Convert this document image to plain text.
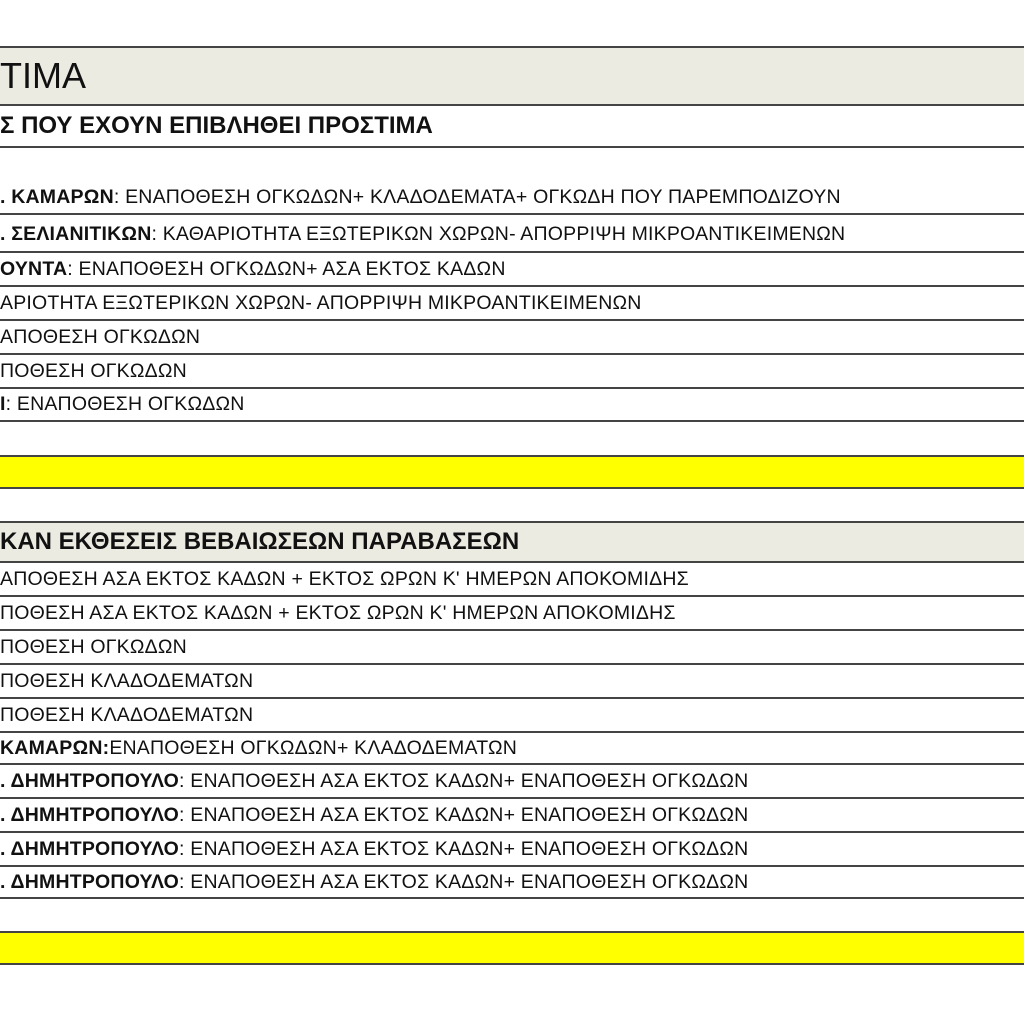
ΤΙΜΑ
Σ ΠΟΥ ΕΧΟΥΝ ΕΠΙΒΛΗΘΕΙ ΠΡΟΣΤΙΜΑ
. ΚΑΜΑΡΩΝ : ΕΝΑΠΟΘΕΣΗ ΟΓΚΩΔΩΝ+ ΚΛΑΔΟΔΕΜΑΤΑ+ ΟΓΚΩΔΗ ΠΟΥ ΠΑΡΕΜΠΟΔΙΖΟΥΝ
. ΣΕΛΙΑΝΙΤΙΚΩΝ : ΚΑΘΑΡΙΟΤΗΤΑ ΕΞΩΤΕΡΙΚΩΝ ΧΩΡΩΝ- ΑΠΟΡΡΙΨΗ ΜΙΚΡΟΑΝΤΙΚΕΙΜΕΝΩΝ
ΟΥΝΤΑ : ΕΝΑΠΟΘΕΣΗ ΟΓΚΩΔΩΝ+ ΑΣΑ ΕΚΤΟΣ ΚΑΔΩΝ
ΑΡΙΟΤΗΤΑ ΕΞΩΤΕΡΙΚΩΝ ΧΩΡΩΝ- ΑΠΟΡΡΙΨΗ ΜΙΚΡΟΑΝΤΙΚΕΙΜΕΝΩΝ
ΑΠΟΘΕΣΗ ΟΓΚΩΔΩΝ
ΠΟΘΕΣΗ ΟΓΚΩΔΩΝ
Ι : ΕΝΑΠΟΘΕΣΗ ΟΓΚΩΔΩΝ
ΚΑΝ ΕΚΘΕΣΕΙΣ ΒΕΒΑΙΩΣΕΩΝ ΠΑΡΑΒΑΣΕΩΝ
ΑΠΟΘΕΣΗ ΑΣΑ ΕΚΤΟΣ ΚΑΔΩΝ + ΕΚΤΟΣ ΩΡΩΝ Κ' ΗΜΕΡΩΝ ΑΠΟΚΟΜΙΔΗΣ
ΠΟΘΕΣΗ ΑΣΑ ΕΚΤΟΣ ΚΑΔΩΝ + ΕΚΤΟΣ ΩΡΩΝ Κ' ΗΜΕΡΩΝ ΑΠΟΚΟΜΙΔΗΣ
ΠΟΘΕΣΗ ΟΓΚΩΔΩΝ
ΠΟΘΕΣΗ ΚΛΑΔΟΔΕΜΑΤΩΝ
ΠΟΘΕΣΗ ΚΛΑΔΟΔΕΜΑΤΩΝ
ΚΑΜΑΡΩΝ: ΕΝΑΠΟΘΕΣΗ ΟΓΚΩΔΩΝ+ ΚΛΑΔΟΔΕΜΑΤΩΝ
. ΔΗΜΗΤΡΟΠΟΥΛΟ : ΕΝΑΠΟΘΕΣΗ ΑΣΑ ΕΚΤΟΣ ΚΑΔΩΝ+ ΕΝΑΠΟΘΕΣΗ ΟΓΚΩΔΩΝ
. ΔΗΜΗΤΡΟΠΟΥΛΟ : ΕΝΑΠΟΘΕΣΗ ΑΣΑ ΕΚΤΟΣ ΚΑΔΩΝ+ ΕΝΑΠΟΘΕΣΗ ΟΓΚΩΔΩΝ
. ΔΗΜΗΤΡΟΠΟΥΛΟ : ΕΝΑΠΟΘΕΣΗ ΑΣΑ ΕΚΤΟΣ ΚΑΔΩΝ+ ΕΝΑΠΟΘΕΣΗ ΟΓΚΩΔΩΝ
. ΔΗΜΗΤΡΟΠΟΥΛΟ : ΕΝΑΠΟΘΕΣΗ ΑΣΑ ΕΚΤΟΣ ΚΑΔΩΝ+ ΕΝΑΠΟΘΕΣΗ ΟΓΚΩΔΩΝ
